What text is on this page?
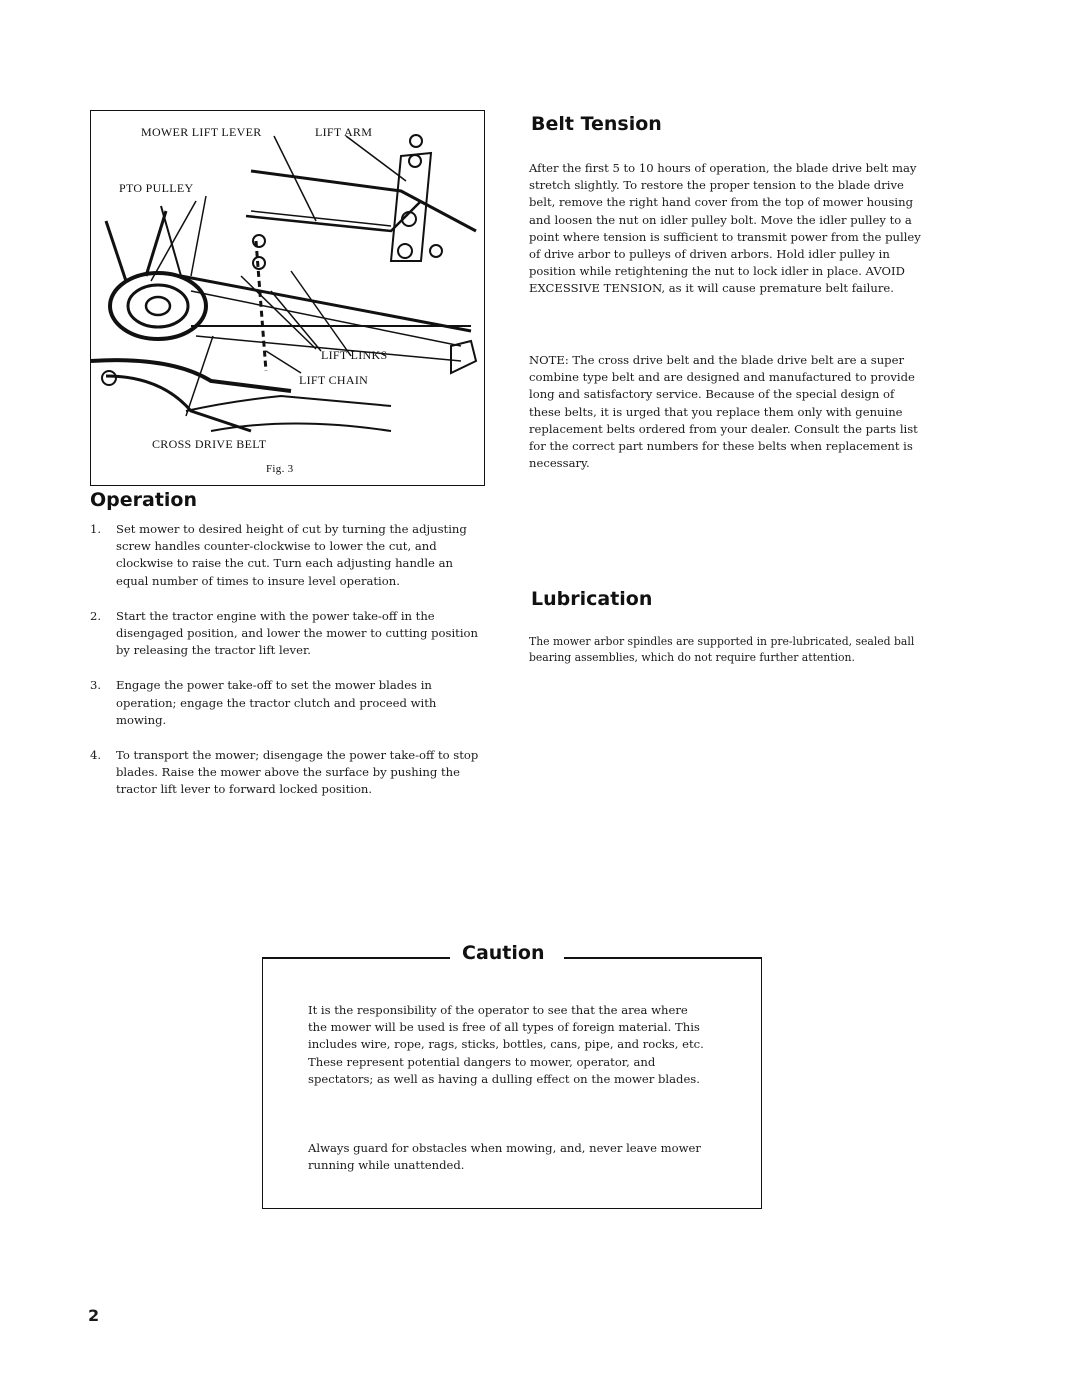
MOWER LIFT LEVER	LIFT ARM
PTO PULLEY
LIFT LINKS
LIFT CHAIN
CROSS DRIVE BELT
Fig. 3
Operation
1. Set mower to desired height of cut by turning the adjusting screw handles counter-clockwise to lower the cut, and clockwise to raise the cut. Turn each adjusting handle an equal number of times to insure level operation.
2. Start the tractor engine with the power take-off in the disengaged position, and lower the mower to cutting position by releasing the tractor lift lever.
3. Engage the power take-off to set the mower blades in operation; engage the tractor clutch and proceed with mowing.
4. To transport the mower; disengage the power take-off to stop blades. Raise the mower above the surface by pushing the tractor lift lever to forward locked position.
Belt Tension
After the first 5 to 10 hours of operation, the blade drive belt may stretch slightly. To restore the proper tension to the blade drive belt, remove the right hand cover from the top of mower housing and loosen the nut on idler pulley bolt. Move the idler pulley to a point where tension is sufficient to transmit power from the pulley of drive arbor to pulleys of driven arbors. Hold idler pulley in position while retightening the nut to lock idler in place. AVOID EXCESSIVE TENSION, as it will cause premature belt failure.
NOTE: The cross drive belt and the blade drive belt are a super combine type belt and are designed and manufactured to provide long and satisfactory service. Because of the special design of these belts, it is urged that you replace them only with genuine replacement belts ordered from your dealer. Consult the parts list for the correct part numbers for these belts when replacement is necessary.
Lubrication
The mower arbor spindles are supported in pre-lubricated, sealed ball bearing assemblies, which do not require further attention.
Caution
It is the responsibility of the operator to see that the area where the mower will be used is free of all types of foreign material. This includes wire, rope, rags, sticks, bottles, cans, pipe, and rocks, etc. These represent potential dangers to mower, operator, and spectators; as well as having a dulling effect on the mower blades.
Always guard for obstacles when mowing, and, never leave mower running while unattended.
2
